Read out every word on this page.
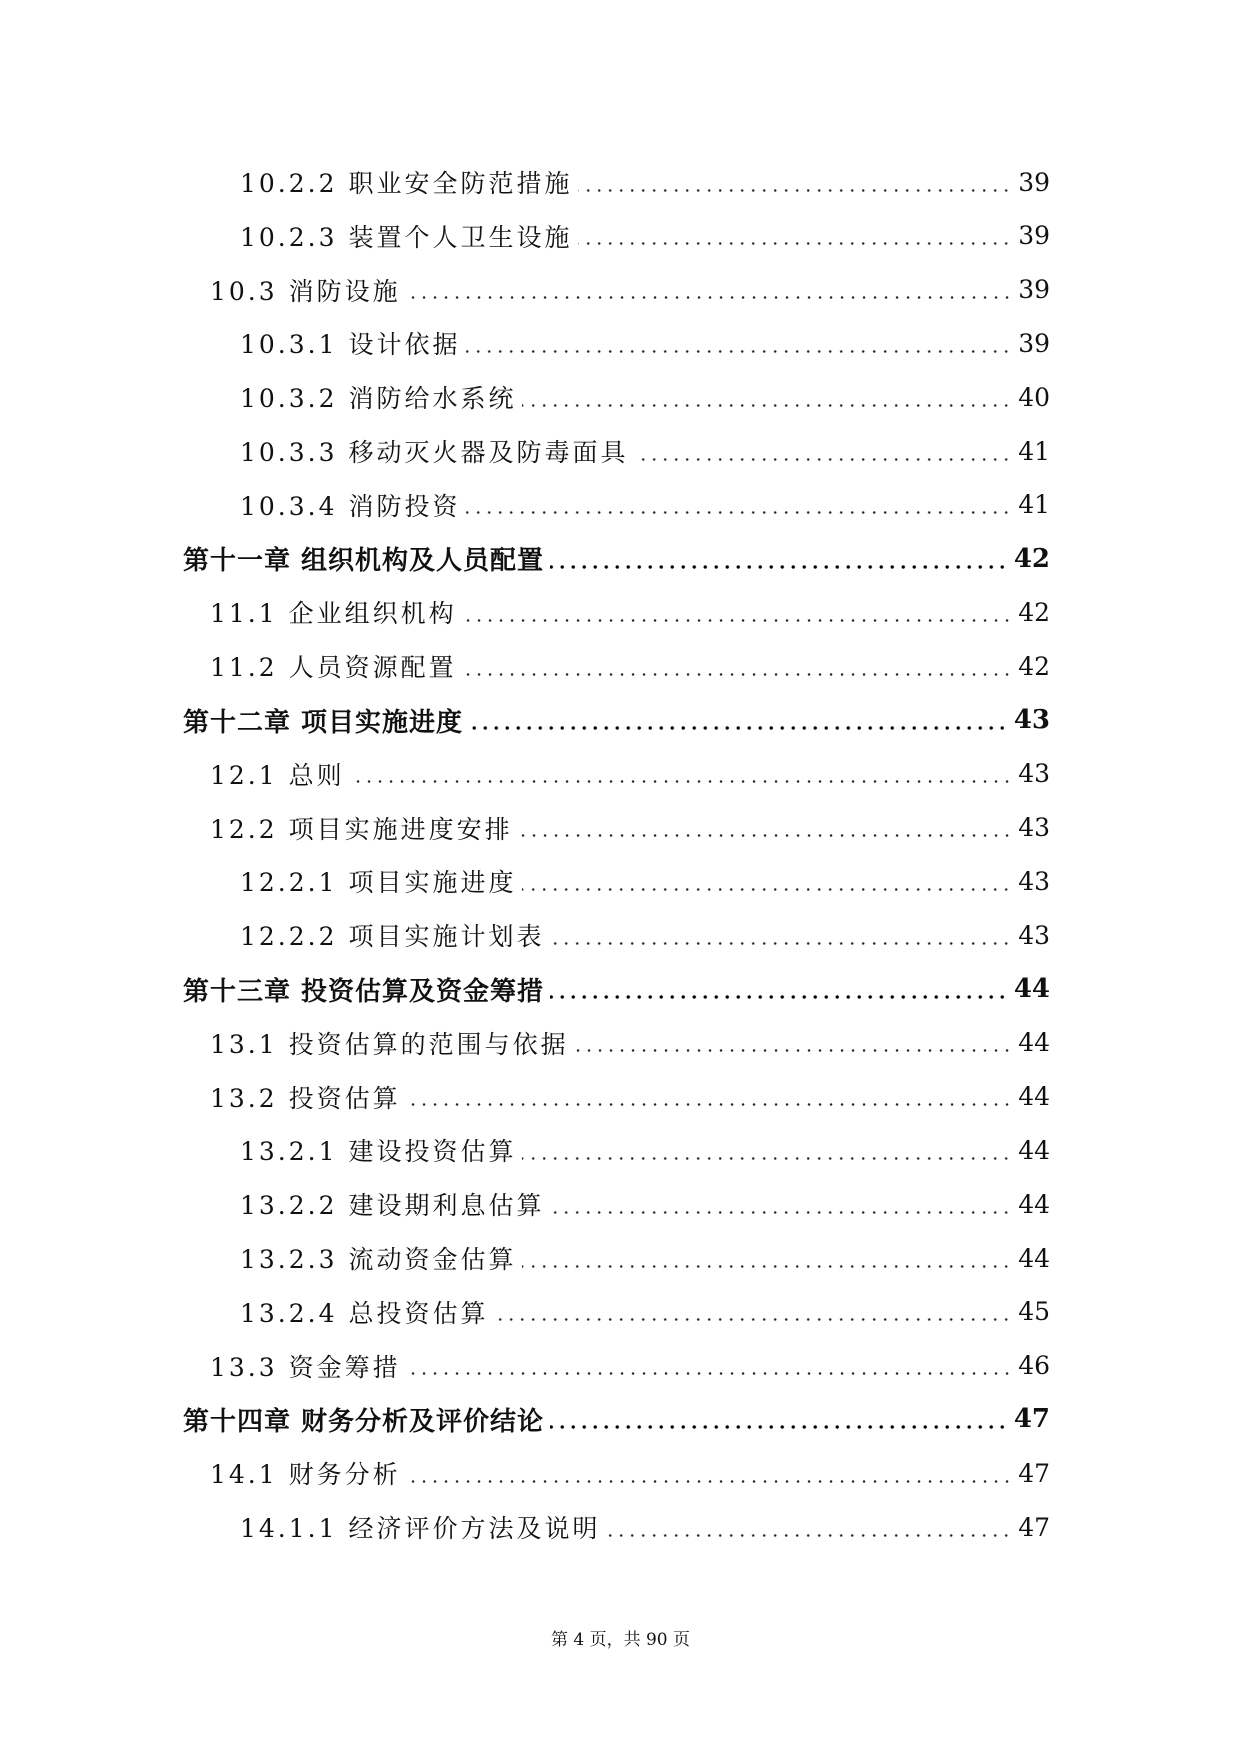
10.2.2 职业安全防范措施	39
10.2.3 装置个人卫生设施	39
10.3 消防设施	39
10.3.1 设计依据	39
10.3.2 消防给水系统	40
10.3.3 移动灭火器及防毒面具	41
10.3.4 消防投资	41
第十一章 组织机构及人员配置	42
11.1 企业组织机构	42
11.2 人员资源配置	42
第十二章 项目实施进度	43
12.1 总则	43
12.2 项目实施进度安排	43
12.2.1 项目实施进度	43
12.2.2 项目实施计划表	43
第十三章 投资估算及资金筹措	44
13.1 投资估算的范围与依据	44
13.2 投资估算	44
13.2.1 建设投资估算	44
13.2.2 建设期利息估算	44
13.2.3 流动资金估算	44
13.2.4 总投资估算	45
13.3 资金筹措	46
第十四章 财务分析及评价结论	47
14.1 财务分析	47
14.1.1 经济评价方法及说明	47
第 4 页，共 90 页
